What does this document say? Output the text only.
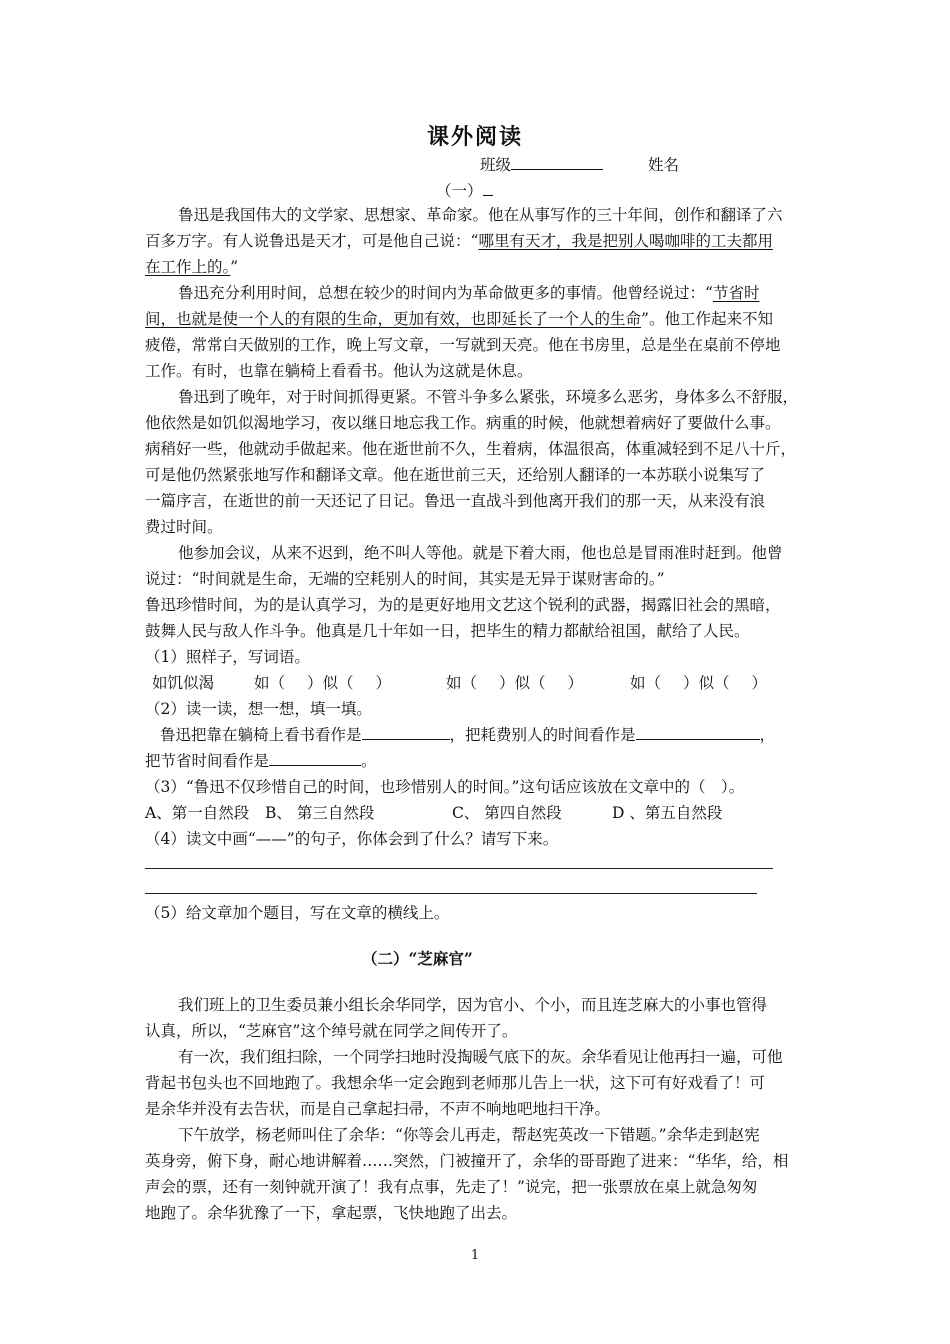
课外阅读
班级	姓名
（一）
鲁迅是我国伟大的文学家、思想家、革命家。他在从事写作的三十年间，创作和翻译了六
百多万字。有人说鲁迅是天才，可是他自己说：“哪里有天才，我是把别人喝咖啡的工夫都用
在工作上的。”
鲁迅充分利用时间，总想在较少的时间内为革命做更多的事情。他曾经说过：“节省时
间，也就是使一个人的有限的生命，更加有效，也即延长了一个人的生命”。他工作起来不知
疲倦，常常白天做别的工作，晚上写文章，一写就到天亮。他在书房里，总是坐在桌前不停地
工作。有时，也靠在躺椅上看看书。他认为这就是休息。
鲁迅到了晚年，对于时间抓得更紧。不管斗争多么紧张，环境多么恶劣，身体多么不舒服，
他依然是如饥似渴地学习，夜以继日地忘我工作。病重的时候，他就想着病好了要做什么事。
病稍好一些，他就动手做起来。他在逝世前不久，生着病，体温很高，体重减轻到不足八十斤，
可是他仍然紧张地写作和翻译文章。他在逝世前三天，还给别人翻译的一本苏联小说集写了
一篇序言，在逝世的前一天还记了日记。鲁迅一直战斗到他离开我们的那一天，从来没有浪
费过时间。
他参加会议，从来不迟到，绝不叫人等他。就是下着大雨，他也总是冒雨准时赶到。他曾
说过：“时间就是生命，无端的空耗别人的时间，其实是无异于谋财害命的。”
鲁迅珍惜时间，为的是认真学习，为的是更好地用文艺这个锐利的武器，揭露旧社会的黑暗，
鼓舞人民与敌人作斗争。他真是几十年如一日，把毕生的精力都献给祖国，献给了人民。
（1）照样子，写词语。
如饥似渴	如（ ）似（ ）	如（ ）似（ ）	如（ ）似（ ）
（2）读一读，想一想，填一填。
鲁迅把靠在躺椅上看书看作是	，把耗费别人的时间看作是	，
把节省时间看作是	。
（3）“鲁迅不仅珍惜自己的时间，也珍惜别人的时间。”这句话应该放在文章中的（　）。
A、第一自然段 B、 第三自然段	C、 第四自然段	D 、第五自然段
（4）读文中画“——”的句子，你体会到了什么？请写下来。
（5）给文章加个题目，写在文章的横线上。
（二）“芝麻官”
我们班上的卫生委员兼小组长余华同学，因为官小、个小，而且连芝麻大的小事也管得
认真，所以，“芝麻官”这个绰号就在同学之间传开了。
有一次，我们组扫除，一个同学扫地时没掏暖气底下的灰。余华看见让他再扫一遍，可他
背起书包头也不回地跑了。我想余华一定会跑到老师那儿告上一状，这下可有好戏看了！可
是余华并没有去告状，而是自己拿起扫帚，不声不响地吧地扫干净。
下午放学，杨老师叫住了余华：“你等会儿再走，帮赵宪英改一下错题。”余华走到赵宪
英身旁，俯下身，耐心地讲解着……突然，门被撞开了，余华的哥哥跑了进来：“华华，给，相
声会的票，还有一刻钟就开演了！我有点事，先走了！”说完，把一张票放在桌上就急匆匆
地跑了。余华犹豫了一下，拿起票，飞快地跑了出去。
1
